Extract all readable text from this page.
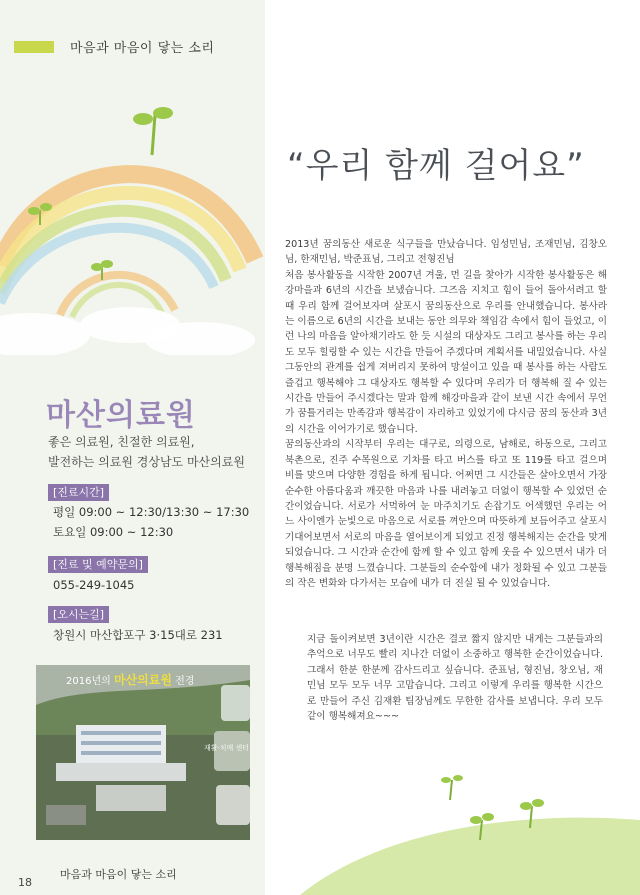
마음과 마음이 닿는 소리
“우리 함께 걸어요”

2013년 꿈의동산 새로운 식구들을 만났습니다. 임성민님, 조재민님, 김창오님, 한재민님, 박준표님, 그리고 전형진님

처음 봉사활동을 시작한 2007년 겨울, 먼 길을 찾아가 시작한 봉사활동은 해강마을과 6년의 시간을 보냈습니다. 그즈음 지치고 힘이 들어 돌아서려고 할 때 우리 함께 걸어보자며 살포시 꿈의동산으로 우리를 안내했습니다. 봉사라는 이름으로 6년의 시간을 보내는 동안 의무와 책임감 속에서 힘이 들었고, 이런 나의 마음을 알아채기라도 한 듯 시설의 대상자도 그리고 봉사를 하는 우리도 모두 힐링할 수 있는 시간을 만들어 주겠다며 계획서를 내밀었습니다. 사실 그동안의 관계를 쉽게 져버리지 못하여 망설이고 있을 때 봉사를 하는 사람도 즐겁고 행복해야 그 대상자도 행복할 수 있다며 우리가 더 행복해 질 수 있는 시간을 만들어 주시겠다는 말과 함께 해강마을과 같이 보낸 시간 속에서 무언가 꿈틀거리는 만족감과 행복감이 자리하고 있었기에 다시금 꿈의 동산과 3년의 시간을 이어가기로 했습니다.

꿈의동산과의 시작부터 우리는 대구로, 의령으로, 남해로, 하동으로, 그리고 북촌으로, 진주 수목원으로 기차를 타고 버스를 타고 또 119를 타고 걸으며 비를 맞으며 다양한 경험을 하게 됩니다. 어쩌면 그 시간들은 살아오면서 가장 순수한 아름다움과 깨끗한 마음과 나를 내려놓고 더없이 행복할 수 있었던 순간이었습니다. 서로가 서먹하여 눈 마주치기도 손잡기도 어색했던 우리는 어느 사이엔가 눈빛으로 마음으로 서로를 껴안으며 따뜻하게 보듬어주고 살포시 기대어보면서 서로의 마음을 열어보이게 되었고 진정 행복해지는 순간을 맞게 되었습니다. 그 시간과 순간에 함께 할 수 있고 함께 웃을 수 있으면서 내가 더 행복해짐을 분명 느꼈습니다. 그분들의 순수함에 내가 정화될 수 있고 그분들의 작은 변화와 다가서는 모습에 내가 더 진실 될 수 있었습니다.

지금 돌이켜보면 3년이란 시간은 결코 짧지 않지만 내게는 그분들과의 추억으로 너무도 빨리 지나간 더없이 소중하고 행복한 순간이었습니다. 그래서 한분 한분께 감사드리고 싶습니다. 준표님, 형진님, 창오님, 재민님 모두 모두 너무 고맙습니다. 그리고 이렇게 우리를 행복한 시간으로 만들어 주신 김재환 팀장님께도 무한한 감사를 보냅니다. 우리 모두 같이 행복해져요~~~
마산의료원
좋은 의료원, 친절한 의료원,
발전하는 의료원 경상남도 마산의료원
[진료시간]
평일 09:00 ~ 12:30/13:30 ~ 17:30
토요일 09:00 ~ 12:30
[진료 및 예약문의]
055-249-1045
[오시는길]
창원시 마산합포구 3·15대로 231
2016년의 마산의료원 전경
재활·치매 센터
18
마음과 마음이 닿는 소리
